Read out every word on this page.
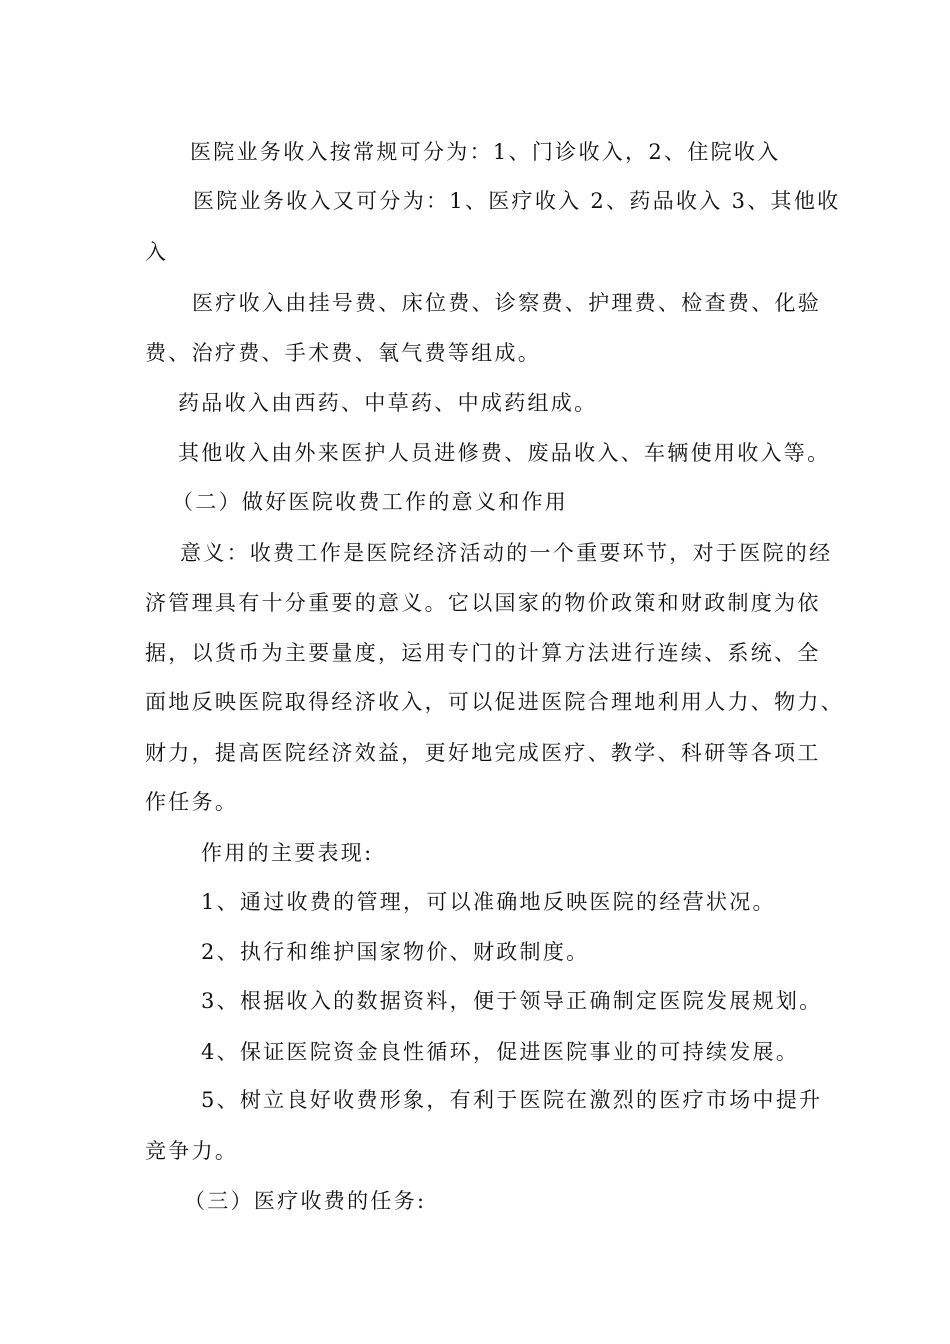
医院业务收入按常规可分为：1、门诊收入，2、住院收入
医院业务收入又可分为：1、医疗收入 2、药品收入 3、其他收
入
医疗收入由挂号费、床位费、诊察费、护理费、检查费、化验
费、治疗费、手术费、氧气费等组成。
药品收入由西药、中草药、中成药组成。
其他收入由外来医护人员进修费、废品收入、车辆使用收入等。
（二）做好医院收费工作的意义和作用
意义：收费工作是医院经济活动的一个重要环节，对于医院的经
济管理具有十分重要的意义。它以国家的物价政策和财政制度为依
据，以货币为主要量度，运用专门的计算方法进行连续、系统、全
面地反映医院取得经济收入，可以促进医院合理地利用人力、物力、
财力，提高医院经济效益，更好地完成医疗、教学、科研等各项工
作任务。
作用的主要表现:
1、通过收费的管理，可以准确地反映医院的经营状况。
2、执行和维护国家物价、财政制度。
3、根据收入的数据资料，便于领导正确制定医院发展规划。
4、保证医院资金良性循环，促进医院事业的可持续发展。
5、树立良好收费形象，有利于医院在激烈的医疗市场中提升
竞争力。
（三）医疗收费的任务:
